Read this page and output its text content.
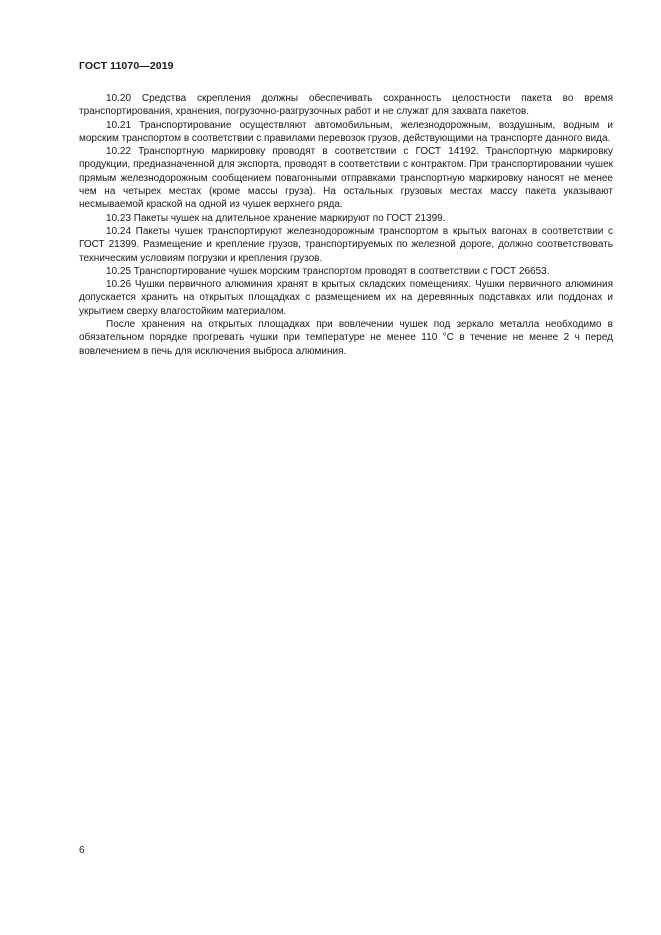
ГОСТ 11070—2019

10.20 Средства скрепления должны обеспечивать сохранность целостности пакета во время транспортирования, хранения, погрузочно-разгрузочных работ и не служат для захвата пакетов.

10.21 Транспортирование осуществляют автомобильным, железнодорожным, воздушным, водным и морским транспортом в соответствии с правилами перевозок грузов, действующими на транспорте данного вида.

10.22 Транспортную маркировку проводят в соответствии с ГОСТ 14192. Транспортную маркировку продукции, предназначенной для экспорта, проводят в соответствии с контрактом. При транспортировании чушек прямым железнодорожным сообщением повагонными отправками транспортную маркировку наносят не менее чем на четырех местах (кроме массы груза). На остальных грузовых местах массу пакета указывают несмываемой краской на одной из чушек верхнего ряда.

10.23 Пакеты чушек на длительное хранение маркируют по ГОСТ 21399.

10.24 Пакеты чушек транспортируют железнодорожным транспортом в крытых вагонах в соответствии с ГОСТ 21399. Размещение и крепление грузов, транспортируемых по железной дороге, должно соответствовать техническим условиям погрузки и крепления грузов.

10.25 Транспортирование чушек морским транспортом проводят в соответствии с ГОСТ 26653.

10.26 Чушки первичного алюминия хранят в крытых складских помещениях. Чушки первичного алюминия допускается хранить на открытых площадках с размещением их на деревянных подставках или поддонах и укрытием сверху влагостойким материалом.

После хранения на открытых площадках при вовлечении чушек под зеркало металла необходимо в обязательном порядке прогревать чушки при температуре не менее 110 °С в течение не менее 2 ч перед вовлечением в печь для исключения выброса алюминия.

6
